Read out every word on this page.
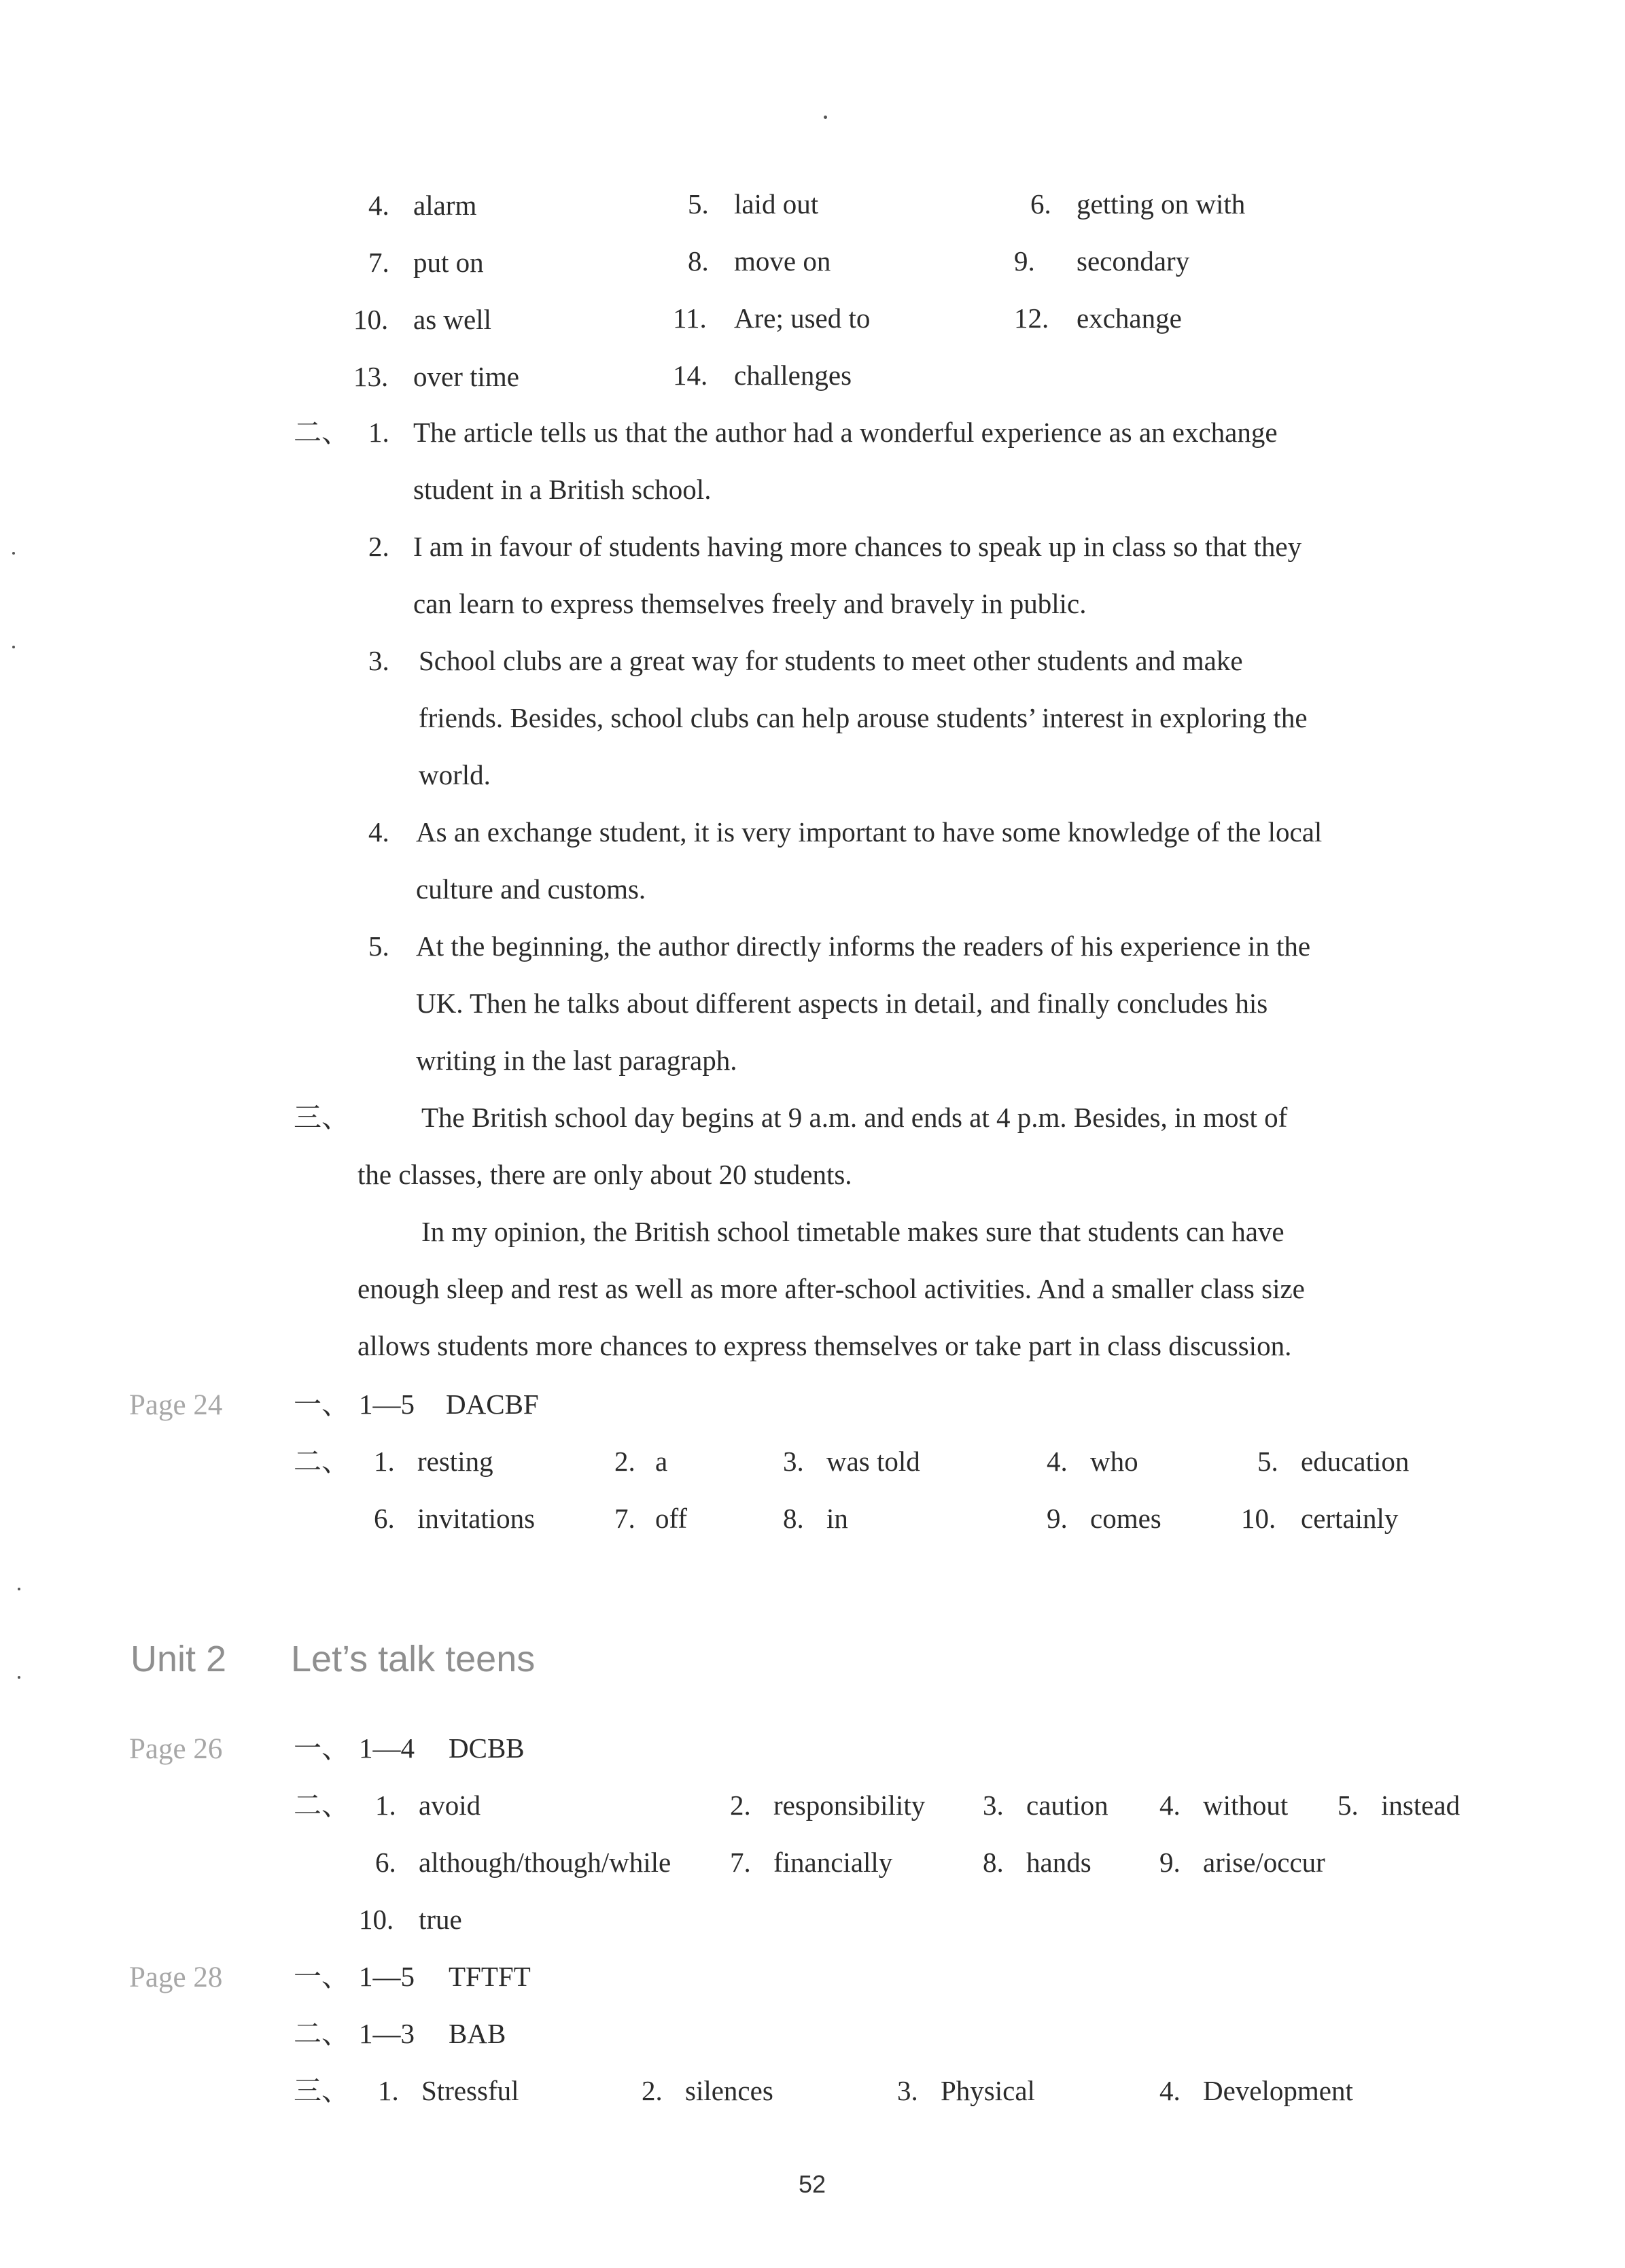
4. alarm	5. laid out	6. getting on with
7. put on	8. move on	9. secondary
10. as well	11. Are; used to	12. exchange
13. over time	14. challenges
二、 1. The article tells us that the author had a wonderful experience as an exchange
student in a British school.
2. I am in favour of students having more chances to speak up in class so that they
can learn to express themselves freely and bravely in public.
3. School clubs are a great way for students to meet other students and make
friends. Besides, school clubs can help arouse students’ interest in exploring the
world.
4. As an exchange student, it is very important to have some knowledge of the local
culture and customs.
5. At the beginning, the author directly informs the readers of his experience in the
UK. Then he talks about different aspects in detail, and finally concludes his
writing in the last paragraph.
三、	The British school day begins at 9 a.m. and ends at 4 p.m. Besides, in most of
the classes, there are only about 20 students.
In my opinion, the British school timetable makes sure that students can have
enough sleep and rest as well as more after-school activities. And a smaller class size
allows students more chances to express themselves or take part in class discussion.
Page 24	一、 1—5 DACBF
二、 1. resting	2. a	3. was told	4. who	5. education
6. invitations	7. off	8. in	9. comes	10. certainly
Unit 2 Let’s talk teens
Page 26	一、 1—4 DCBB
二、 1. avoid	2. responsibility 3. caution 4. without 5. instead
6. although/though/while 7. financially	8. hands 9. arise/occur
10. true
Page 28	一、 1—5 TFTFT
二、 1—3 BAB
三、 1. Stressful	2. silences	3. Physical	4. Development
52
